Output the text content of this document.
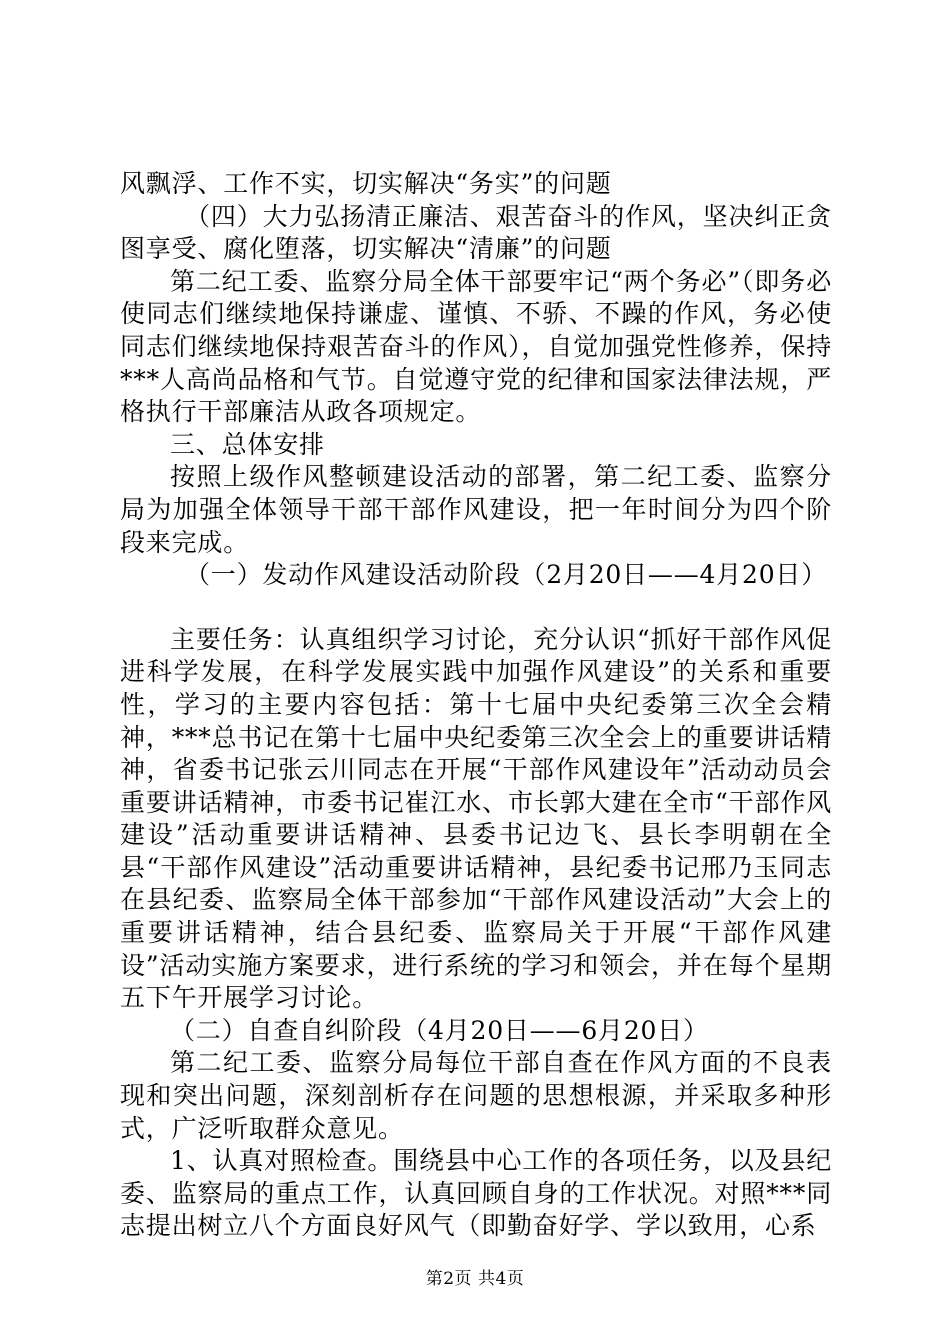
风飘浮、工作不实，切实解决“务实”的问题

（四）大力弘扬清正廉洁、艰苦奋斗的作风，坚决纠正贪图享受、腐化堕落，切实解决“清廉”的问题

第二纪工委、监察分局全体干部要牢记“两个务必”（即务必使同志们继续地保持谦虚、谨慎、不骄、不躁的作风，务必使同志们继续地保持艰苦奋斗的作风），自觉加强党性修养，保持***人高尚品格和气节。自觉遵守党的纪律和国家法律法规，严格执行干部廉洁从政各项规定。

三、总体安排

按照上级作风整顿建设活动的部署，第二纪工委、监察分局为加强全体领导干部干部作风建设，把一年时间分为四个阶段来完成。

（一）发动作风建设活动阶段（2月20日——4月20日）

主要任务：认真组织学习讨论，充分认识“抓好干部作风促进科学发展，在科学发展实践中加强作风建设”的关系和重要性，学习的主要内容包括：第十七届中央纪委第三次全会精神，***总书记在第十七届中央纪委第三次全会上的重要讲话精神，省委书记张云川同志在开展“干部作风建设年”活动动员会重要讲话精神，市委书记崔江水、市长郭大建在全市“干部作风建设”活动重要讲话精神、县委书记边飞、县长李明朝在全县“干部作风建设”活动重要讲话精神，县纪委书记邢乃玉同志在县纪委、监察局全体干部参加“干部作风建设活动”大会上的重要讲话精神，结合县纪委、监察局关于开展“干部作风建设”活动实施方案要求，进行系统的学习和领会，并在每个星期五下午开展学习讨论。

（二）自查自纠阶段（4月20日——6月20日）

第二纪工委、监察分局每位干部自查在作风方面的不良表现和突出问题，深刻剖析存在问题的思想根源，并采取多种形式，广泛听取群众意见。

1、认真对照检查。围绕县中心工作的各项任务，以及县纪委、监察局的重点工作，认真回顾自身的工作状况。对照***同志提出树立八个方面良好风气（即勤奋好学、学以致用，心系

第2页 共4页
